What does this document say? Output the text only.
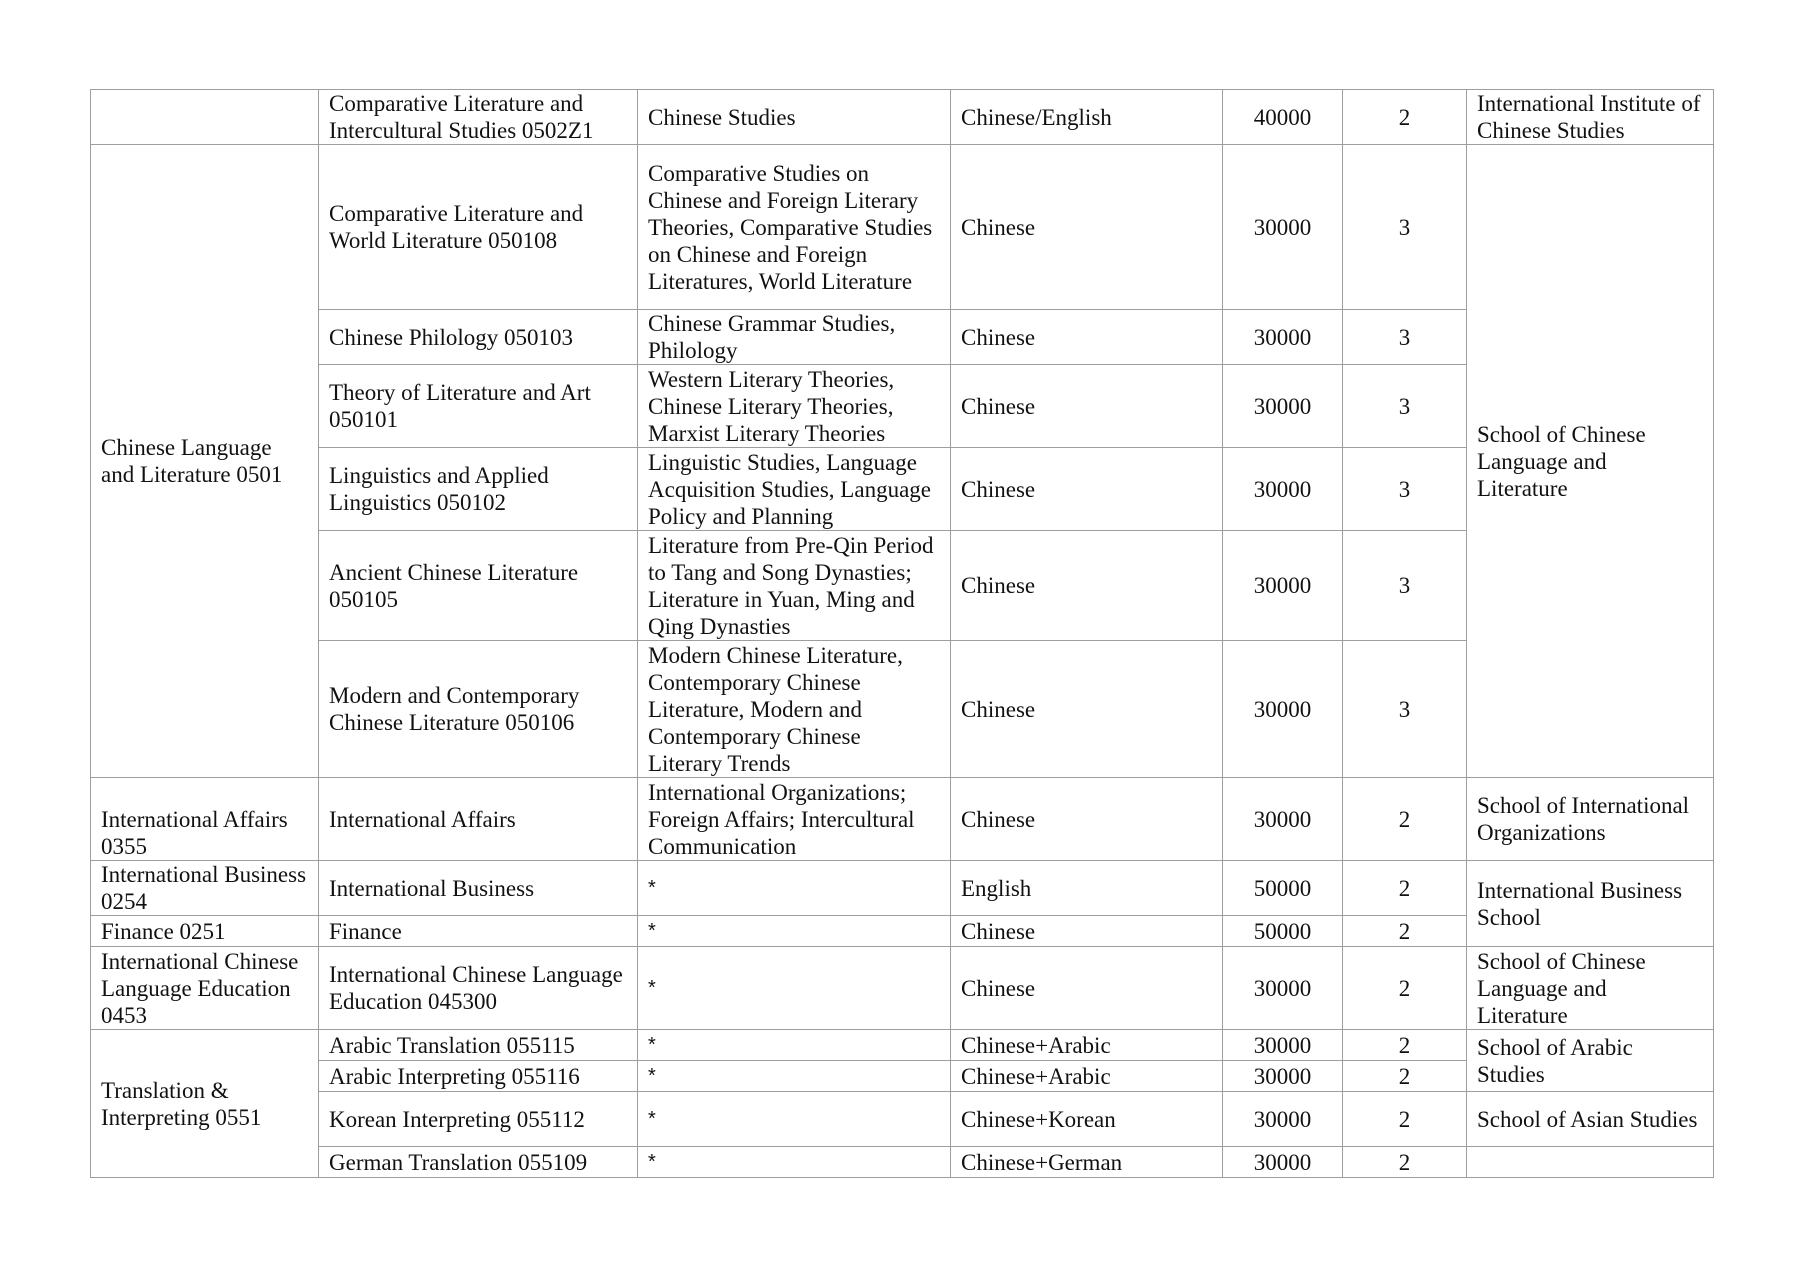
	Comparative Literature and Intercultural Studies 0502Z1	Chinese Studies	Chinese/English	40000	2	International Institute of Chinese Studies
Chinese Language and Literature 0501	Comparative Literature and World Literature 050108	Comparative Studies on Chinese and Foreign Literary Theories, Comparative Studies on Chinese and Foreign Literatures, World Literature	Chinese	30000	3	School of Chinese Language and Literature
	Chinese Philology 050103	Chinese Grammar Studies, Philology	Chinese	30000	3	
	Theory of Literature and Art 050101	Western Literary Theories, Chinese Literary Theories, Marxist Literary Theories	Chinese	30000	3	
	Linguistics and Applied Linguistics 050102	Linguistic Studies, Language Acquisition Studies, Language Policy and Planning	Chinese	30000	3	
	Ancient Chinese Literature 050105	Literature from Pre-Qin Period to Tang and Song Dynasties; Literature in Yuan, Ming and Qing Dynasties	Chinese	30000	3	
	Modern and Contemporary Chinese Literature 050106	Modern Chinese Literature, Contemporary Chinese Literature, Modern and Contemporary Chinese Literary Trends	Chinese	30000	3	
International Affairs 0355	International Affairs	International Organizations; Foreign Affairs; Intercultural Communication	Chinese	30000	2	School of International Organizations
International Business 0254	International Business	*	English	50000	2	International Business School
Finance 0251	Finance	*	Chinese	50000	2	
International Chinese Language Education 0453	International Chinese Language Education 045300	*	Chinese	30000	2	School of Chinese Language and Literature
Translation & Interpreting 0551	Arabic Translation 055115	*	Chinese+Arabic	30000	2	School of Arabic Studies
	Arabic Interpreting 055116	*	Chinese+Arabic	30000	2	
	Korean Interpreting 055112	*	Chinese+Korean	30000	2	School of Asian Studies
	German Translation 055109	*	Chinese+German	30000	2	
